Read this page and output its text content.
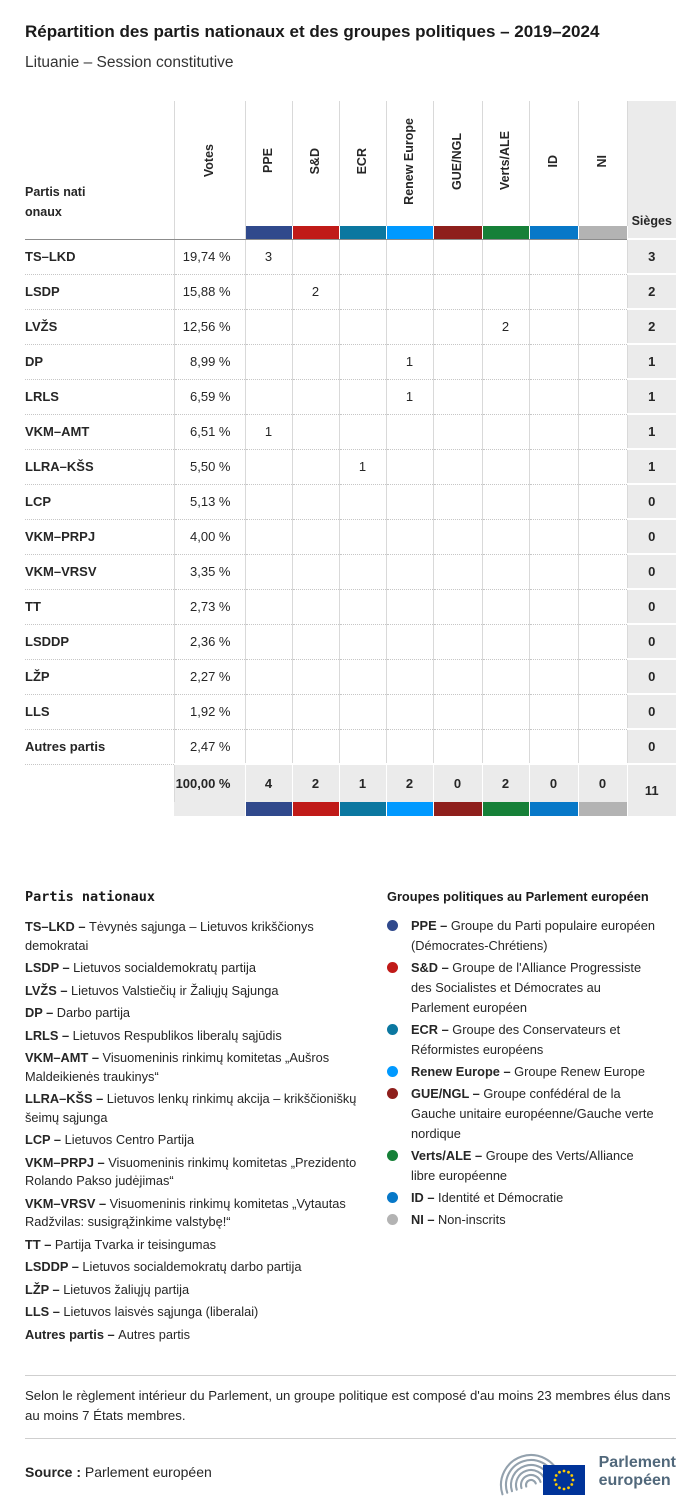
Répartition des partis nationaux et des groupes politiques – 2019–2024
Lituanie – Session constitutive
Partis nationaux	Votes	PPE	S&D	ECR	Renew Europe	GUE/NGL	Verts/ALE	ID	NI	Sièges

TS–LKD	19,74 %	3								3
LSDP	15,88 %		2							2
LVŽS	12,56 %						2			2
DP	8,99 %				1					1
LRLS	6,59 %				1					1
VKM–AMT	6,51 %	1								1
LLRA–KŠS	5,50 %			1						1
LCP	5,13 %									0
VKM–PRPJ	4,00 %									0
VKM–VRSV	3,35 %									0
TT	2,73 %									0
LSDDP	2,36 %									0
LŽP	2,27 %									0
LLS	1,92 %									0
Autres partis	2,47 %									0
	100,00 %	4	2	1	2	0	2	0	0	11

Partis nationaux
TS–LKD – Tėvynės sąjunga – Lietuvos krikščionys demokratai
LSDP – Lietuvos socialdemokratų partija
LVŽS – Lietuvos Valstiečių ir Žaliųjų Sąjunga
DP – Darbo partija
LRLS – Lietuvos Respublikos liberalų sąjūdis
VKM–AMT – Visuomeninis rinkimų komitetas „Aušros Maldeikienės traukinys“
LLRA–KŠS – Lietuvos lenkų rinkimų akcija – krikščioniškų šeimų sąjunga
LCP – Lietuvos Centro Partija
VKM–PRPJ – Visuomeninis rinkimų komitetas „Prezidento Rolando Pakso judėjimas“
VKM–VRSV – Visuomeninis rinkimų komitetas „Vytautas Radžvilas: susigrąžinkime valstybę!“
TT – Partija Tvarka ir teisingumas
LSDDP – Lietuvos socialdemokratų darbo partija
LŽP – Lietuvos žaliųjų partija
LLS – Lietuvos laisvės sąjunga (liberalai)
Autres partis – Autres partis
Groupes politiques au Parlement européen
PPE – Groupe du Parti populaire européen (Démocrates-Chrétiens)
S&D – Groupe de l'Alliance Progressiste des Socialistes et Démocrates au Parlement européen
ECR – Groupe des Conservateurs et Réformistes européens
Renew Europe – Groupe Renew Europe
GUE/NGL – Groupe confédéral de la Gauche unitaire européenne/Gauche verte nordique
Verts/ALE – Groupe des Verts/Alliance libre européenne
ID – Identité et Démocratie
NI – Non-inscrits

Selon le règlement intérieur du Parlement, un groupe politique est composé d'au moins 23 membres élus dans au moins 7 États membres.

Source : Parlement européen

Parlement
européen
